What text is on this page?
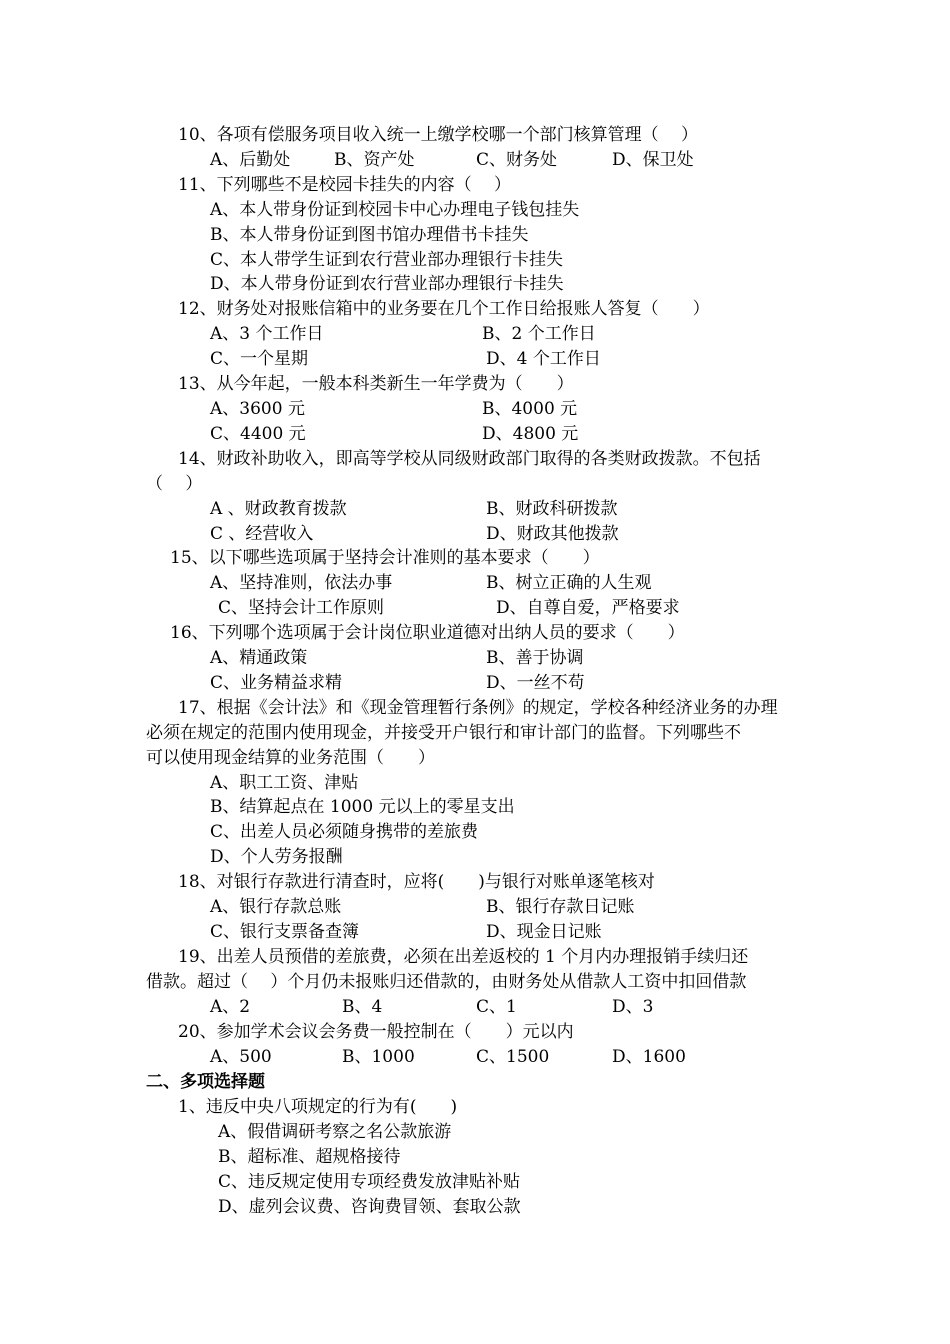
10、各项有偿服务项目收入统一上缴学校哪一个部门核算管理（　 ）
A、后勤处	B、资产处	C、财务处	D、保卫处
11、下列哪些不是校园卡挂失的内容（　 ）
A、本人带身份证到校园卡中心办理电子钱包挂失
B、本人带身份证到图书馆办理借书卡挂失
C、本人带学生证到农行营业部办理银行卡挂失
D、本人带身份证到农行营业部办理银行卡挂失
12、财务处对报账信箱中的业务要在几个工作日给报账人答复（　　）
A、3 个工作日	B、2 个工作日
C、一个星期	D、4 个工作日
13、从今年起，一般本科类新生一年学费为（　　）
A、3600 元	B、4000 元
C、4400 元	D、4800 元
14、财政补助收入，即高等学校从同级财政部门取得的各类财政拨款。不包括
（　 ）
A 、财政教育拨款	B、财政科研拨款
C 、经营收入	D、财政其他拨款
15、以下哪些选项属于坚持会计准则的基本要求（　　）
A、坚持准则，依法办事	B、树立正确的人生观
C、坚持会计工作原则	D、自尊自爱，严格要求
16、下列哪个选项属于会计岗位职业道德对出纳人员的要求（　　）
A、精通政策	B、善于协调
C、业务精益求精	D、一丝不苟
17、根据《会计法》和《现金管理暂行条例》的规定，学校各种经济业务的办理
必须在规定的范围内使用现金，并接受开户银行和审计部门的监督。下列哪些不
可以使用现金结算的业务范围（　　）
A、职工工资、津贴
B、结算起点在 1000 元以上的零星支出
C、出差人员必须随身携带的差旅费
D、个人劳务报酬
18、对银行存款进行清查时，应将(　　)与银行对账单逐笔核对
A、银行存款总账	B、银行存款日记账
C、银行支票备查簿	D、现金日记账
19、出差人员预借的差旅费，必须在出差返校的 1 个月内办理报销手续归还
借款。超过（　 ）个月仍未报账归还借款的，由财务处从借款人工资中扣回借款
A、2	B、4	C、1	D、3
20、参加学术会议会务费一般控制在（　　）元以内
A、500	B、1000	C、1500	D、1600
二、多项选择题
1、违反中央八项规定的行为有(　　)
A、假借调研考察之名公款旅游
B、超标准、超规格接待
C、违反规定使用专项经费发放津贴补贴
D、虚列会议费、咨询费冒领、套取公款
